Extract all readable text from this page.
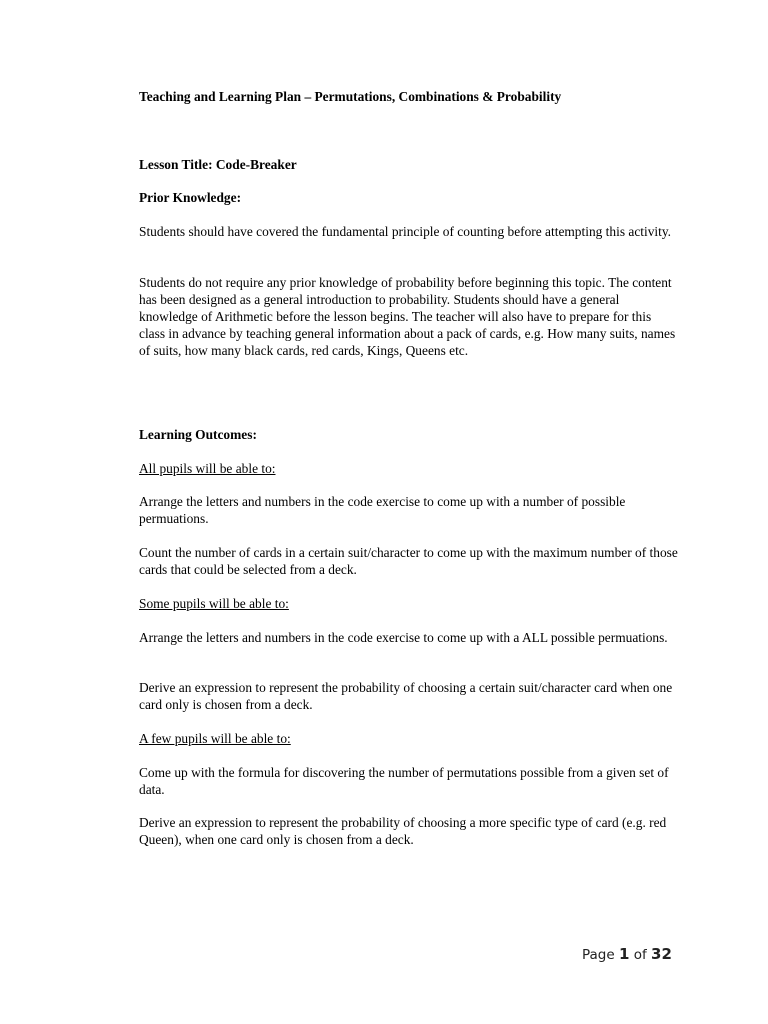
Teaching and Learning Plan – Permutations, Combinations & Probability

Lesson Title: Code-Breaker

Prior Knowledge:

Students should have covered the fundamental principle of counting before attempting this activity.

Students do not require any prior knowledge of probability before beginning this topic. The content has been designed as a general introduction to probability. Students should have a general knowledge of Arithmetic before the lesson begins. The teacher will also have to prepare for this class in advance by teaching general information about a pack of cards, e.g. How many suits, names of suits, how many black cards, red cards, Kings, Queens etc.

Learning Outcomes:

All pupils will be able to:

Arrange the letters and numbers in the code exercise to come up with a number of possible permuations.

Count the number of cards in a certain suit/character to come up with the maximum number of those cards that could be selected from a deck.

Some pupils will be able to:

Arrange the letters and numbers in the code exercise to come up with a ALL possible permuations.

Derive an expression to represent the probability of choosing a certain suit/character card when one card only is chosen from a deck.

A few pupils will be able to:

Come up with the formula for discovering the number of permutations possible from a given set of data.

Derive an expression to represent the probability of choosing a more specific type of card (e.g. red Queen), when one card only is chosen from a deck.

Page 1 of 32
